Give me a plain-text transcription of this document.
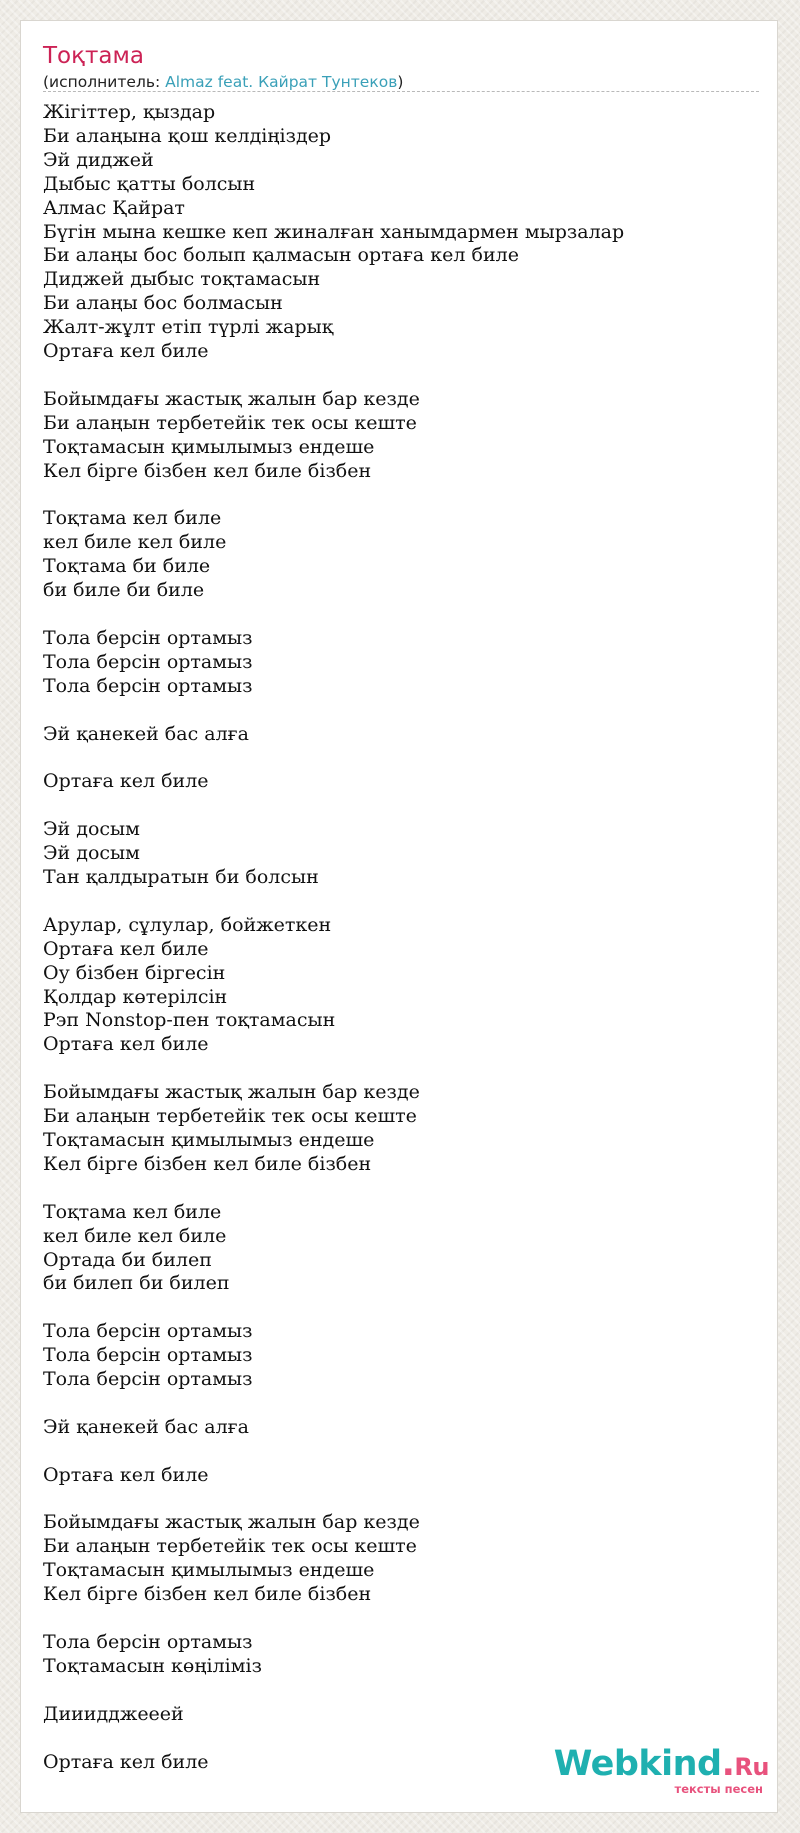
Тоқтама
(исполнитель: Almaz feat. Кайрат Тунтеков)
Жігіттер, қыздар
Би алаңына қош келдіңіздер
Эй диджей
Дыбыс қатты болсын
Алмас Қайрат
Бүгін мына кешке кеп жиналған ханымдармен мырзалар
Би алаңы бос болып қалмасын ортаға кел биле
Диджей дыбыс тоқтамасын
Би алаңы бос болмасын
Жалт-жұлт етіп түрлі жарық
Ортаға кел биле

Бойымдағы жастық жалын бар кезде
Би алаңын тербетейік тек осы кеште
Тоқтамасын қимылымыз ендеше
Кел бірге бізбен кел биле бізбен

Тоқтама кел биле
кел биле кел биле
Тоқтама би биле
би биле би биле

Тола берсін ортамыз
Тола берсін ортамыз
Тола берсін ортамыз

Эй қанекей бас алға

Ортаға кел биле

Эй досым
Эй досым
Тан қалдыратын би болсын

Арулар, сұлулар, бойжеткен
Ортаға кел биле
Оу бізбен біргесін
Қолдар көтерілсін
Рэп Nonstop-пен тоқтамасын
Ортаға кел биле

Бойымдағы жастық жалын бар кезде
Би алаңын тербетейік тек осы кеште
Тоқтамасын қимылымыз ендеше
Кел бірге бізбен кел биле бізбен

Тоқтама кел биле
кел биле кел биле
Ортада би билеп
би билеп би билеп

Тола берсін ортамыз
Тола берсін ортамыз
Тола берсін ортамыз

Эй қанекей бас алға

Ортаға кел биле

Бойымдағы жастық жалын бар кезде
Би алаңын тербетейік тек осы кеште
Тоқтамасын қимылымыз ендеше
Кел бірге бізбен кел биле бізбен

Тола берсін ортамыз
Тоқтамасын көңіліміз

Дииидджееей

Ортаға кел биле	Webkind.Ru
тексты песен
